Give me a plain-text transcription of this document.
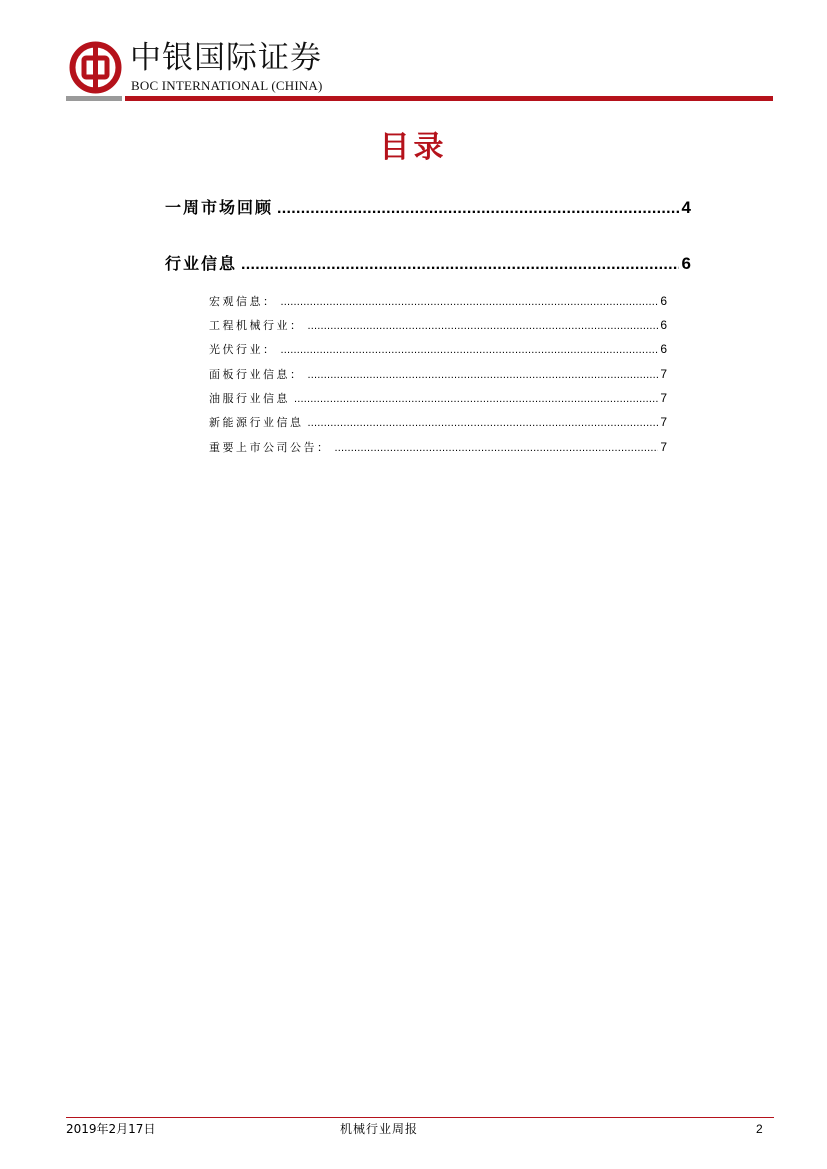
中银国际证券
BOC INTERNATIONAL (CHINA)
目录
一周市场回顾 .....	4
行业信息 .....	6
宏观信息： .....	6
工程机械行业： .....	6
光伏行业： .....	6
面板行业信息： .....	7
油服行业信息 .....	7
新能源行业信息 .....	7
重要上市公司公告： .....	7
2019年2月17日	机械行业周报	2
